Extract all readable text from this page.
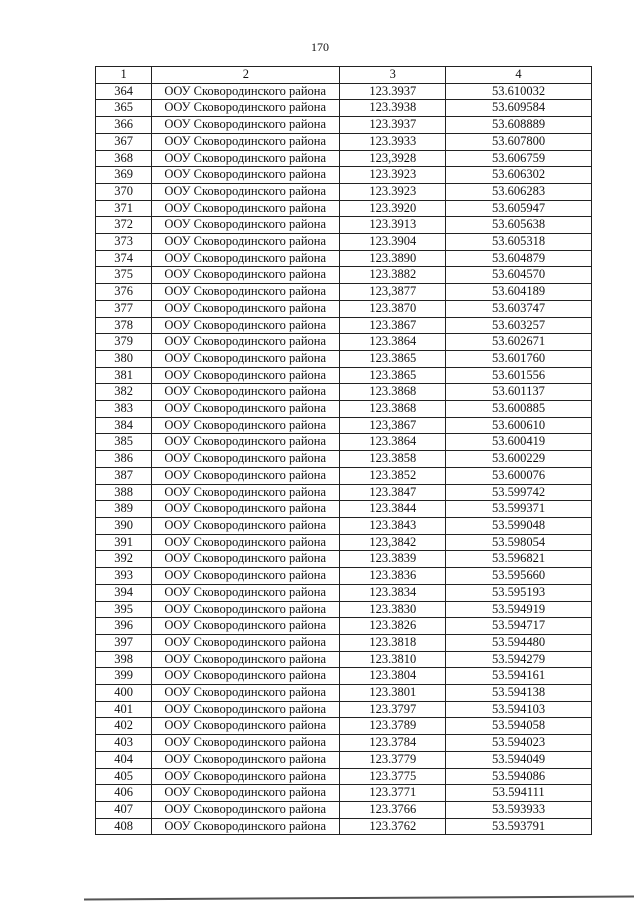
170
1	2	3	4
364	ООУ Сковородинского района	123.3937	53.610032
365	ООУ Сковородинского района	123.3938	53.609584
366	ООУ Сковородинского района	123.3937	53.608889
367	ООУ Сковородинского района	123.3933	53.607800
368	ООУ Сковородинского района	123,3928	53.606759
369	ООУ Сковородинского района	123.3923	53.606302
370	ООУ Сковородинского района	123.3923	53.606283
371	ООУ Сковородинского района	123.3920	53.605947
372	ООУ Сковородинского района	123.3913	53.605638
373	ООУ Сковородинского района	123.3904	53.605318
374	ООУ Сковородинского района	123.3890	53.604879
375	ООУ Сковородинского района	123.3882	53.604570
376	ООУ Сковородинского района	123,3877	53.604189
377	ООУ Сковородинского района	123.3870	53.603747
378	ООУ Сковородинского района	123.3867	53.603257
379	ООУ Сковородинского района	123.3864	53.602671
380	ООУ Сковородинского района	123.3865	53.601760
381	ООУ Сковородинского района	123.3865	53.601556
382	ООУ Сковородинского района	123.3868	53.601137
383	ООУ Сковородинского района	123.3868	53.600885
384	ООУ Сковородинского района	123,3867	53.600610
385	ООУ Сковородинского района	123.3864	53.600419
386	ООУ Сковородинского района	123.3858	53.600229
387	ООУ Сковородинского района	123.3852	53.600076
388	ООУ Сковородинского района	123.3847	53.599742
389	ООУ Сковородинского района	123.3844	53.599371
390	ООУ Сковородинского района	123.3843	53.599048
391	ООУ Сковородинского района	123,3842	53.598054
392	ООУ Сковородинского района	123.3839	53.596821
393	ООУ Сковородинского района	123.3836	53.595660
394	ООУ Сковородинского района	123.3834	53.595193
395	ООУ Сковородинского района	123.3830	53.594919
396	ООУ Сковородинского района	123.3826	53.594717
397	ООУ Сковородинского района	123.3818	53.594480
398	ООУ Сковородинского района	123.3810	53.594279
399	ООУ Сковородинского района	123.3804	53.594161
400	ООУ Сковородинского района	123.3801	53.594138
401	ООУ Сковородинского района	123.3797	53.594103
402	ООУ Сковородинского района	123.3789	53.594058
403	ООУ Сковородинского района	123.3784	53.594023
404	ООУ Сковородинского района	123.3779	53.594049
405	ООУ Сковородинского района	123.3775	53.594086
406	ООУ Сковородинского района	123.3771	53.594111
407	ООУ Сковородинского района	123.3766	53.593933
408	ООУ Сковородинского района	123.3762	53.593791
